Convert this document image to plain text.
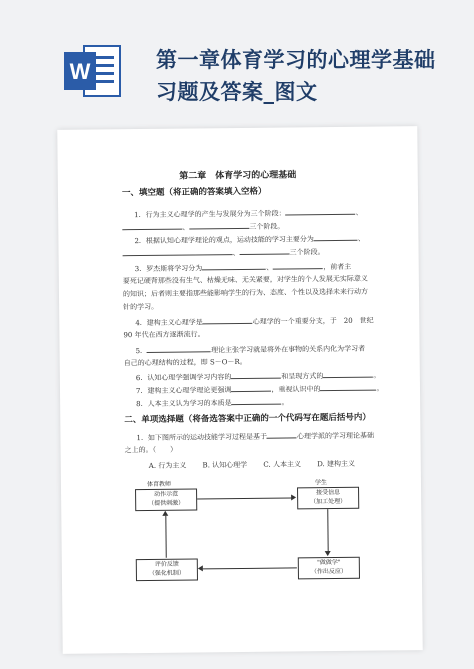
W	第一章体育学习的心理学基础
习题及答案_图文
第二章　体育学习的心理基础
一、填空题（将正确的答案填入空格）
1．行为主义心理学的产生与发展分为三个阶段：	、
、	三个阶段。
2．根据认知心理学理论的观点，运动技能的学习主要分为	、
、	三个阶段。
3．罗杰斯将学习分为	、	，前者主
要死记硬背那些没有生气、枯燥无味、无关紧要，对学生的个人发展无实际意义
的知识；后者则主要指那些能影响学生的行为、态度、个性以及选择未来行动方
针的学习。
4．建构主义心理学是	心理学的一个重要分支，于　20　世纪
90 年代在西方逐渐流行。
5．	理论主张学习就是将外在事物的关系内化为学习者
自己的心理结构的过程，即 S－O－R。
6．认知心理学强调学习内容的	和呈现方式的	。
7．建构主义心理学理论更强调	，重视认识中的	。
8．人本主义认为学习的本质是	。
二、单项选择题（将备选答案中正确的一个代码写在题后括号内）
1．如下图所示的运动技能学习过程是基于	心理学派的学习理论基础
之上的。（　　）
A. 行为主义 B. 认知心理学 C. 人本主义 D. 建构主义
体育教师	学生
动作示范
（提供刺激）
接受信息
（加工处理）
评价反馈
（强化机制）
"做做学"
（作出反应）
